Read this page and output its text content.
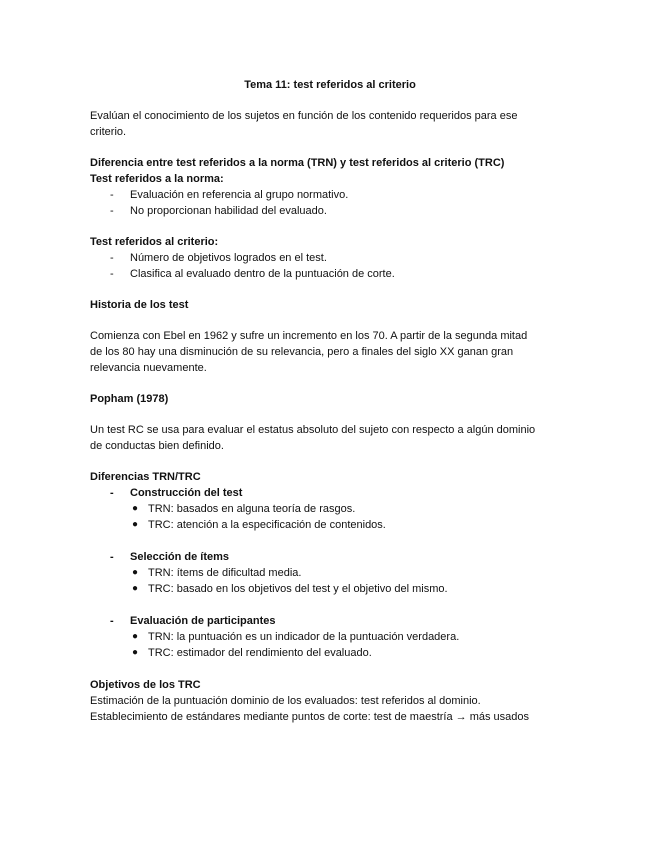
Tema 11: test referidos al criterio
Evalúan el conocimiento de los sujetos en función de los contenido requeridos para ese
criterio.
Diferencia entre test referidos a la norma (TRN) y test referidos al criterio (TRC)
Test referidos a la norma:
- Evaluación en referencia al grupo normativo.
- No proporcionan habilidad del evaluado.
Test referidos al criterio:
- Número de objetivos logrados en el test.
- Clasifica al evaluado dentro de la puntuación de corte.
Historia de los test
Comienza con Ebel en 1962 y sufre un incremento en los 70. A partir de la segunda mitad
de los 80 hay una disminución de su relevancia, pero a finales del siglo XX ganan gran
relevancia nuevamente.
Popham (1978)
Un test RC se usa para evaluar el estatus absoluto del sujeto con respecto a algún dominio
de conductas bien definido.
Diferencias TRN/TRC
- Construcción del test
● TRN: basados en alguna teoría de rasgos.
● TRC: atención a la especificación de contenidos.
- Selección de ítems
● TRN: ítems de dificultad media.
● TRC: basado en los objetivos del test y el objetivo del mismo.
- Evaluación de participantes
● TRN: la puntuación es un indicador de la puntuación verdadera.
● TRC: estimador del rendimiento del evaluado.
Objetivos de los TRC
Estimación de la puntuación dominio de los evaluados: test referidos al dominio.
Establecimiento de estándares mediante puntos de corte: test de maestría → más usados
